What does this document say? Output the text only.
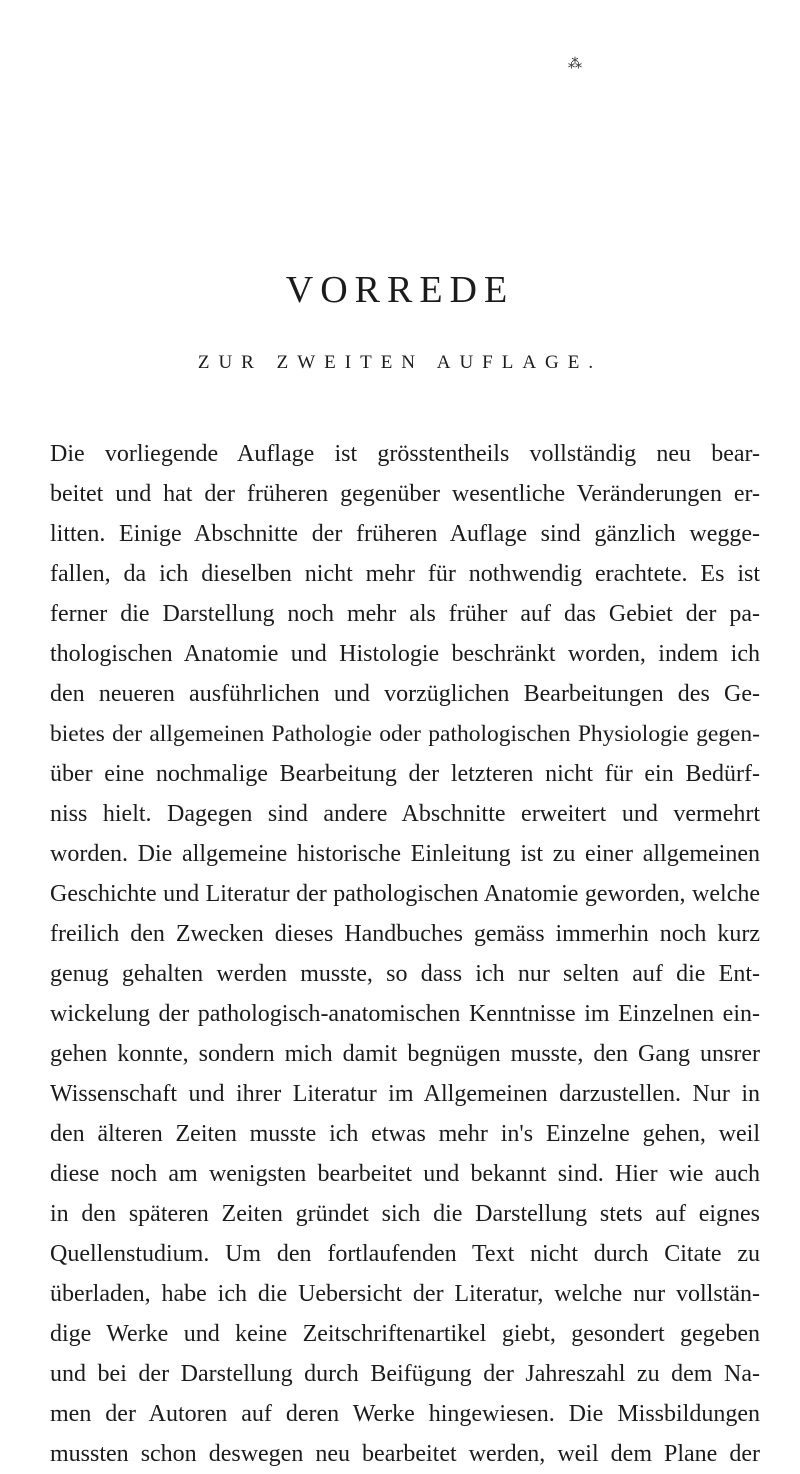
⁂
VORREDE
ZUR ZWEITEN AUFLAGE.
Die vorliegende Auflage ist grösstentheils vollständig neu bear-
beitet und hat der früheren gegenüber wesentliche Veränderungen er-
litten. Einige Abschnitte der früheren Auflage sind gänzlich wegge-
fallen, da ich dieselben nicht mehr für nothwendig erachtete. Es ist
ferner die Darstellung noch mehr als früher auf das Gebiet der pa-
thologischen Anatomie und Histologie beschränkt worden, indem ich
den neueren ausführlichen und vorzüglichen Bearbeitungen des Ge-
bietes der allgemeinen Pathologie oder pathologischen Physiologie gegen-
über eine nochmalige Bearbeitung der letzteren nicht für ein Bedürf-
niss hielt. Dagegen sind andere Abschnitte erweitert und vermehrt
worden. Die allgemeine historische Einleitung ist zu einer allgemeinen
Geschichte und Literatur der pathologischen Anatomie geworden, welche
freilich den Zwecken dieses Handbuches gemäss immerhin noch kurz
genug gehalten werden musste, so dass ich nur selten auf die Ent-
wickelung der pathologisch-anatomischen Kenntnisse im Einzelnen ein-
gehen konnte, sondern mich damit begnügen musste, den Gang unsrer
Wissenschaft und ihrer Literatur im Allgemeinen darzustellen. Nur in
den älteren Zeiten musste ich etwas mehr in's Einzelne gehen, weil
diese noch am wenigsten bearbeitet und bekannt sind. Hier wie auch
in den späteren Zeiten gründet sich die Darstellung stets auf eignes
Quellenstudium. Um den fortlaufenden Text nicht durch Citate zu
überladen, habe ich die Uebersicht der Literatur, welche nur vollstän-
dige Werke und keine Zeitschriftenartikel giebt, gesondert gegeben
und bei der Darstellung durch Beifügung der Jahreszahl zu dem Na-
men der Autoren auf deren Werke hingewiesen. Die Missbildungen
mussten schon deswegen neu bearbeitet werden, weil dem Plane der
